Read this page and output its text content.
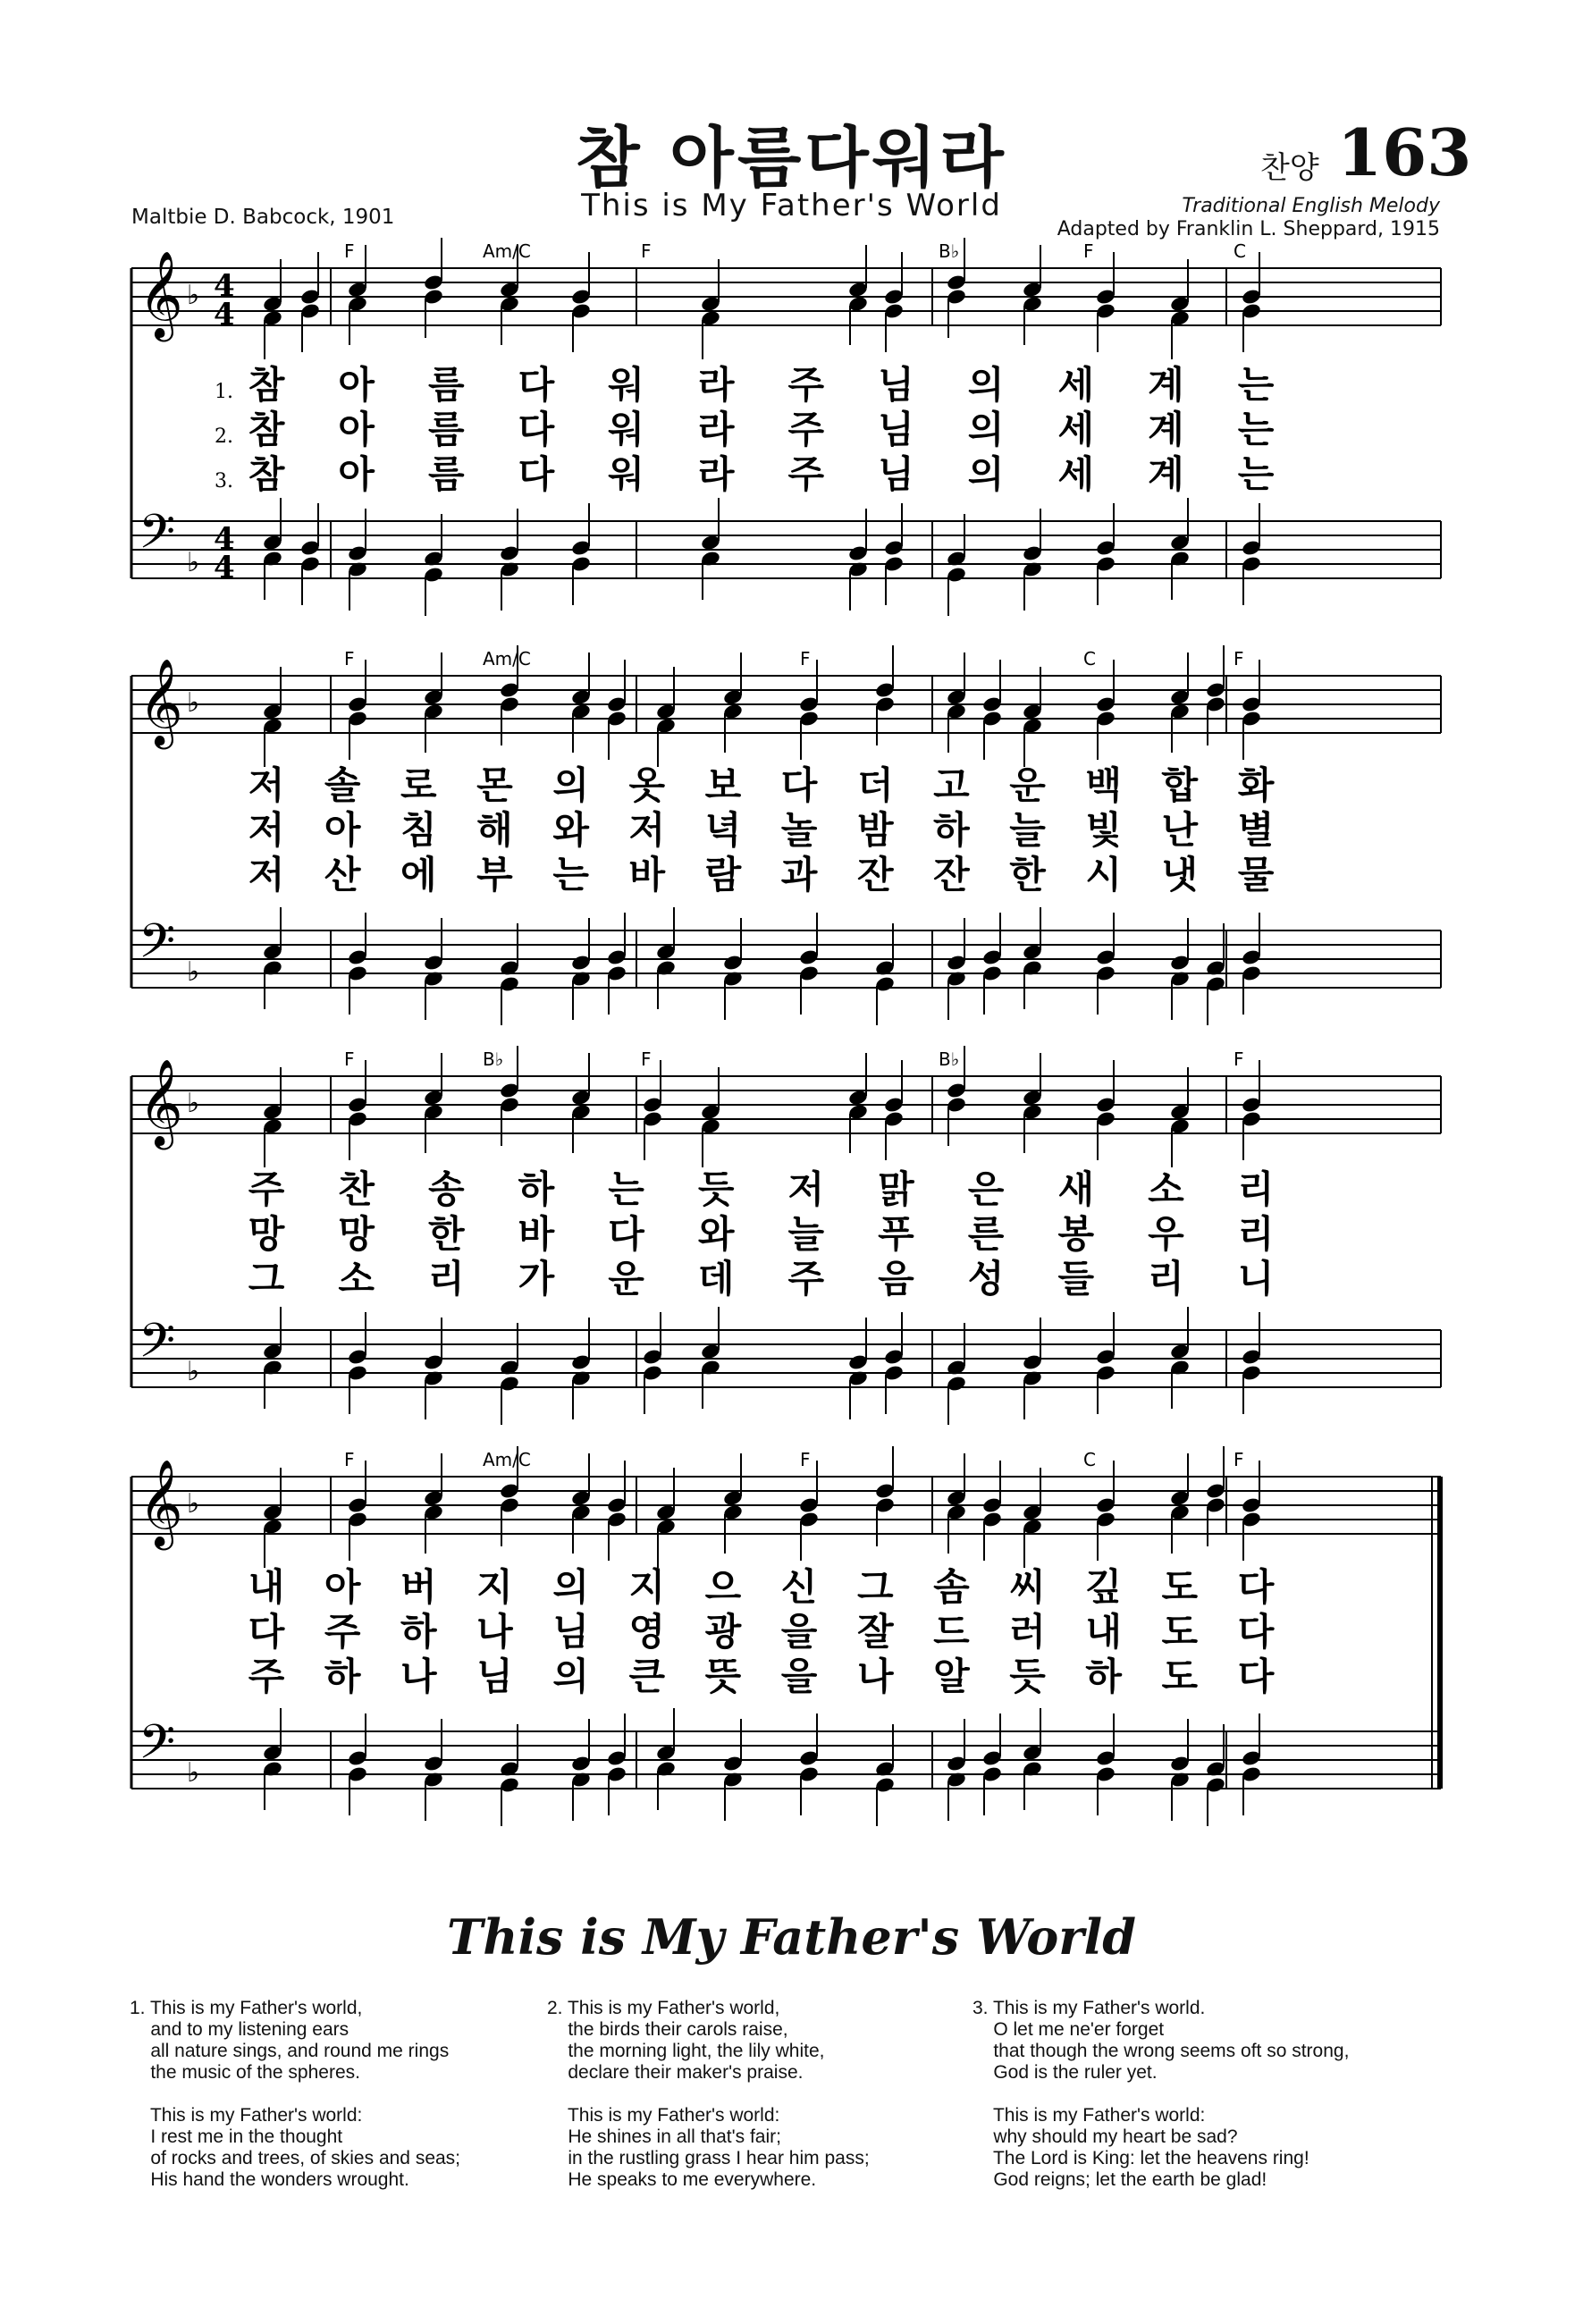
참 아름다워라
This is My Father's World
찬양 163
Maltbie D. Babcock, 1901	Traditional English Melody
Adapted by Franklin L. Sheppard, 1915
𝄞
𝄢
♭
♭
4
4
4
4
F	Am/C	F	B♭	F	C
1. 참 아 름 다 워 라 주 님 의 세 계 는
2. 참 아 름 다 워 라 주 님 의 세 계 는
3. 참 아 름 다 워 라 주 님 의 세 계 는
𝄞
𝄢
♭
♭
F	Am/C	F	C	F
저 솔 로 몬 의 옷 보 다 더 고 운 백 합 화
저 아 침 해 와 저 녁 놀 밤 하 늘 빛 난 별
저 산 에 부 는 바 람 과 잔 잔 한 시 냇 물
𝄞
𝄢
♭
♭
F	B♭	F	B♭	F
주 찬 송 하 는 듯 저 맑 은 새 소 리
망 망 한 바 다 와 늘 푸 른 봉 우 리
그 소 리 가 운 데 주 음 성 들 리 니
𝄞
𝄢
♭
♭
F	Am/C	F	C	F
내 아 버 지 의 지 으 신 그 솜 씨 깊 도 다
다 주 하 나 님 영 광 을 잘 드 러 내 도 다
주 하 나 님 의 큰 뜻 을 나 알 듯 하 도 다
This is My Father's World
1. This is my Father's world,
and to my listening ears
all nature sings, and round me rings
the music of the spheres.
This is my Father's world:
I rest me in the thought
of rocks and trees, of skies and seas;
His hand the wonders wrought.
2. This is my Father's world,
the birds their carols raise,
the morning light, the lily white,
declare their maker's praise.
This is my Father's world:
He shines in all that's fair;
in the rustling grass I hear him pass;
He speaks to me everywhere.
3. This is my Father's world.
O let me ne'er forget
that though the wrong seems oft so strong,
God is the ruler yet.
This is my Father's world:
why should my heart be sad?
The Lord is King: let the heavens ring!
God reigns; let the earth be glad!
